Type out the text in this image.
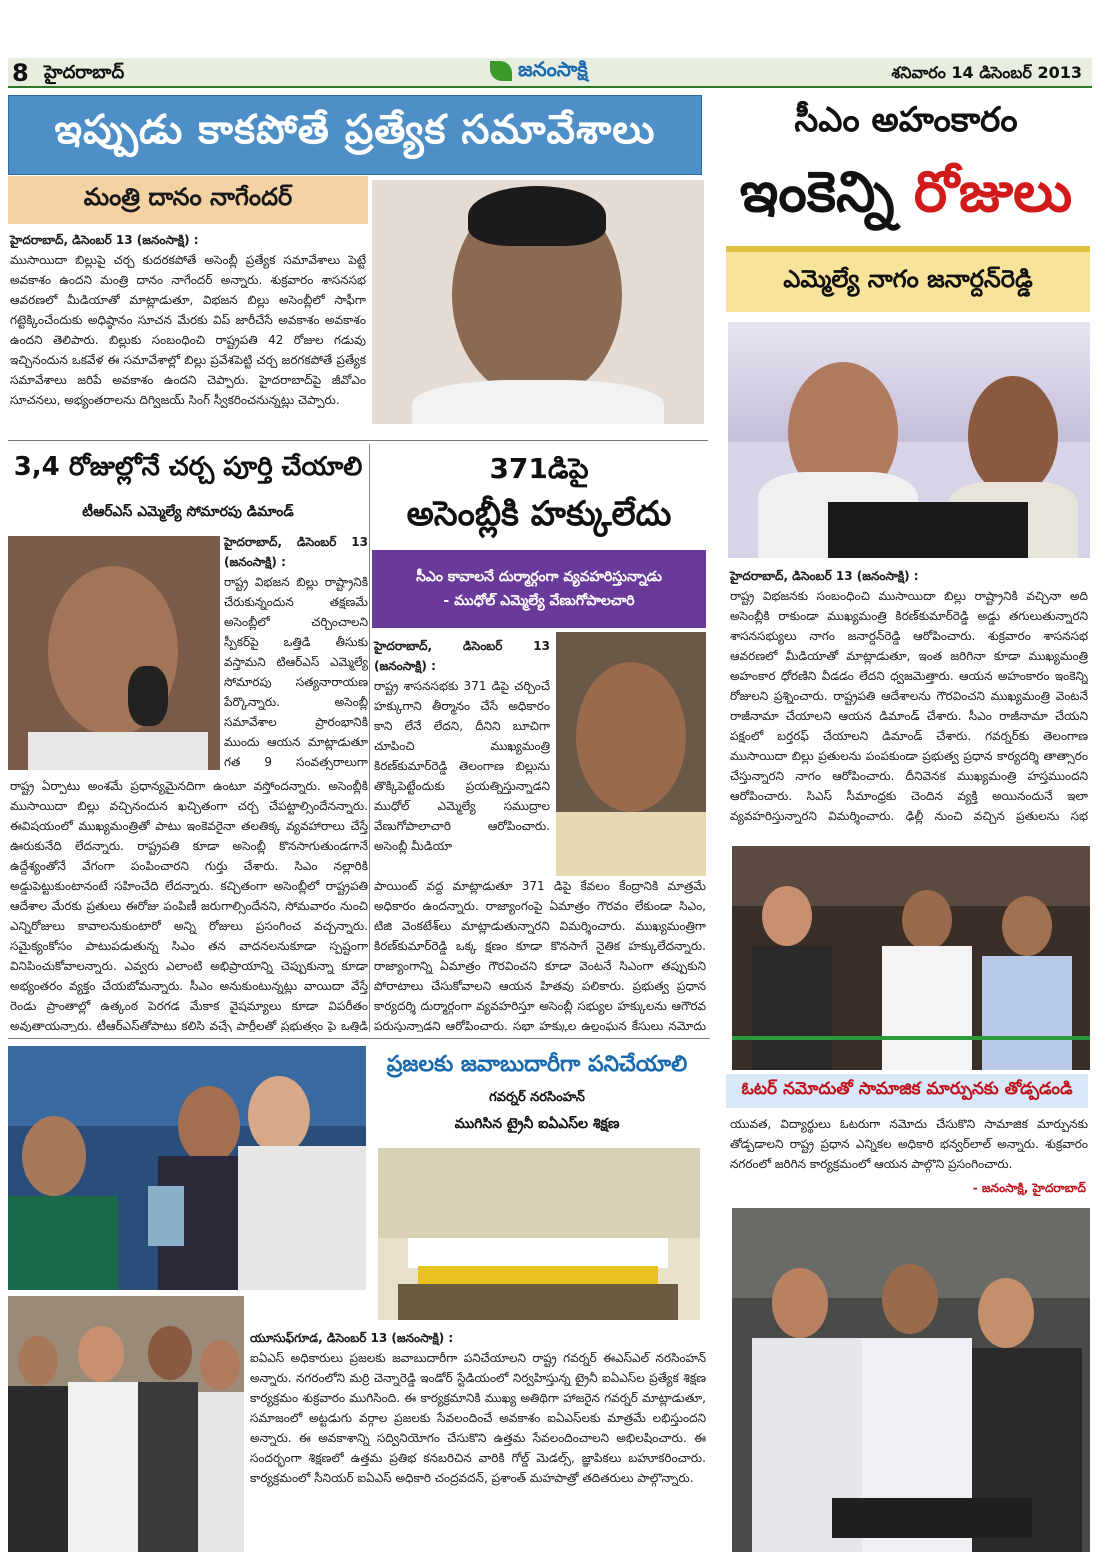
8 హైదరాబాద్	జనంసాక్షి	శనివారం 14 డిసెంబర్ 2013
ఇప్పుడు కాకపోతే ప్రత్యేక సమావేశాలు
మంత్రి దానం నాగేందర్
హైదరాబాద్, డిసెంబర్ 13 (జనంసాక్షి) :
ముసాయిదా బిల్లుపై చర్చ కుదరకపోతే అసెంబ్లీ ప్రత్యేక సమావేశాలు పెట్టే అవకాశం ఉందని మంత్రి దానం నాగేందర్ అన్నారు. శుక్రవారం శాసనసభ ఆవరణలో మీడియాతో మాట్లాడుతూ, విభజన బిల్లు అసెంబ్లీలో సాఫీగా గట్టెక్కించేందుకు అధిష్ఠానం సూచన మేరకు విప్ జారీచేసే అవకాశం అవకాశం ఉందని తెలిపారు. బిల్లుకు సంబంధించి రాష్ట్రపతి 42 రోజుల గడువు ఇచ్చినందున ఒకవేళ ఈ సమావేశాల్లో బిల్లు ప్రవేశపెట్టి చర్చ జరగకపోతే ప్రత్యేక సమావేశాలు జరిపే అవకాశం ఉందని చెప్పారు. హైదరాబాద్‌పై జీవోఎం సూచనలు, అభ్యంతరాలను దిగ్విజయ్ సింగ్ స్వీకరించనున్నట్లు చెప్పారు.
సీఎం అహంకారం
ఇంకెన్ని రోజులు
ఎమ్మెల్యే నాగం జనార్దన్‌రెడ్డి
హైదరాబాద్, డిసెంబర్ 13 (జనంసాక్షి) :
రాష్ట్ర విభజనకు సంబంధించి ముసాయిదా బిల్లు రాష్ట్రానికి వచ్చినా అది అసెంబ్లీకి రాకుండా ముఖ్యమంత్రి కిరణ్‌కుమార్‌రెడ్డి అడ్డు తగులుతున్నారని శాసనసభ్యులు నాగం జనార్దన్‌రెడ్డి ఆరోపించారు. శుక్రవారం శాసనసభ ఆవరణలో మీడియాతో మాట్లాడుతూ, ఇంత జరిగినా కూడా ముఖ్యమంత్రి అహంకార ధోరణిని వీడడం లేదని ధ్వజమెత్తారు. ఆయన అహంకారం ఇంకెన్ని రోజులని ప్రశ్నించారు. రాష్ట్రపతి ఆదేశాలను గౌరవించని ముఖ్యమంత్రి వెంటనే రాజీనామా చేయాలని ఆయన డిమాండ్ చేశారు. సీఎం రాజీనామా చేయని పక్షంలో బర్తరఫ్ చేయాలని డిమాండ్ చేశారు. గవర్నర్‌కు తెలంగాణ ముసాయిదా బిల్లు ప్రతులను పంపకుండా ప్రభుత్వ ప్రధాన కార్యదర్శి తాత్సారం చేస్తున్నారని నాగం ఆరోపించారు. దీనివెనక ముఖ్యమంత్రి హస్తముందని ఆరోపించారు. సిఎస్ సీమాంధ్రకు చెందిన వ్యక్తి అయినందునే ఇలా వ్యవహరిస్తున్నారని విమర్శించారు. ఢిల్లీ నుంచి వచ్చిన ప్రతులను సభ
3,4 రోజుల్లోనే చర్చ పూర్తి చేయాలి
టీఆర్ఎస్ ఎమ్మెల్యే సోమారపు డిమాండ్
హైదరాబాద్, డిసెంబర్ 13 (జనంసాక్షి) :
రాష్ట్ర విభజన బిల్లు రాష్ట్రానికి చేరుకున్నందున తక్షణమే అసెంబ్లీలో చర్చించాలని స్పీకర్‌పై ఒత్తిడి తీసుకు వస్తామని టిఆర్ఎస్ ఎమ్మెల్యే సోమారపు సత్యనారాయణ పేర్కొన్నారు. అసెంబ్లీ సమావేశాల ప్రారంభానికి ముందు ఆయన మాట్లాడుతూ గత 9 సంవత్సరాలుగా
రాష్ట్ర ఏర్పాటు అంశమే ప్రధాన్యమైనదిగా ఉంటూ వస్తోందన్నారు. అసెంబ్లీకి ముసాయిదా బిల్లు వచ్చినందున ఖచ్చితంగా చర్చ చేపట్టాల్సిందేనన్నారు. ఈవిషయంలో ముఖ్యమంత్రితో పాటు ఇంకెవరైనా తలతిక్క వ్యవహారాలు చేస్తే ఊరుకునేది లేదన్నారు. రాష్ట్రపతి కూడా అసెంబ్లీ కొనసాగుతుండగానే ఉద్దేశ్యంతోనే వేగంగా పంపించారని గుర్తు చేశారు. సిఎం నల్లారికి అడ్డుపెట్టుకుంటానంటే సహించేది లేదన్నారు. కచ్చితంగా అసెంబ్లీలో రాష్ట్రపతి ఆదేశాల మేరకు ప్రతులు ఈరోజు పంపిణీ జరుగాల్సిందేనని, సోమవారం నుంచి ఎన్నిరోజులు కావాలనుకుంటారో అన్ని రోజులు ప్రసంగించ వచ్చన్నారు. సమైక్యంకోసం పాటుపడుతున్న సిఎం తన వాదనలనుకూడా స్పష్టంగా వినిపించుకోవాలన్నారు. ఎవ్వరు ఎలాంటి అభిప్రాయాన్ని చెప్పుకున్నా కూడా అభ్యంతరం వ్యక్తం చేయబోమన్నారు. సీఎం అనుకుంటున్నట్లు వాయిదా వేస్తే రెండు ప్రాంతాల్లో ఉత్కంఠ పెరగడ మేకాక వైషమ్యాలు కూడా విపరీతం అవుతాయన్నారు. టీఆర్ఎస్‌తోపాటు కలిసి వచ్చే పార్టీలతో ప్రభుత్వం పై ఒత్తిడి
371డిపై
అసెంబ్లీకి హక్కులేదు
సీఎం కావాలనే దుర్మార్గంగా వ్యవహరిస్తున్నాడు
- ముధోల్ ఎమ్మెల్యే వేణుగోపాలచారి
హైదరాబాద్, డిసెంబర్ 13 (జనంసాక్షి) :
రాష్ట్ర శాసనసభకు 371 డిపై చర్చించే హక్కుగాని తీర్మానం చేసే అధికారం కాని లేనే లేదని, దీనిని బూచిగా చూపించి ముఖ్యమంత్రి కిరణ్‌కుమార్‌రెడ్డి తెలంగాణ బిల్లును తొక్కిపెట్టేందుకు ప్రయత్నిస్తున్నాడని ముధోల్ ఎమ్మెల్యే సముద్రాల వేణుగోపాలాచారి ఆరోపించారు. అసెంబ్లీ మీడియా
పాయింట్ వద్ద మాట్లాడుతూ 371 డిపై కేవలం కేంద్రానికి మాత్రమే అధికారం ఉందన్నారు. రాజ్యాంగంపై ఏమాత్రం గౌరవం లేకుండా సిఎం, టిజి వెంకటేశ్‌లు మాట్లాడుతున్నారని విమర్శించారు. ముఖ్యమంత్రిగా కిరణ్‌కుమార్‌రెడ్డి ఒక్క క్షణం కూడా కొనసాగే నైతిక హక్కులేదన్నారు. రాజ్యాంగాన్ని ఏమాత్రం గౌరవించని కూడా వెంటనే సిఎంగా తప్పుకుని పోరాటాలు చేసుకోవాలని ఆయన హితవు పలికారు. ప్రభుత్వ ప్రధాన కార్యదర్శి దుర్మార్గంగా వ్యవహరిస్తూ అసెంబ్లీ సభ్యుల హక్కులను ఆగౌరవ పరుస్తున్నాడని ఆరోపించారు. సభా హక్కుల ఉల్లంఘన కేసులు నమోదు
ఓటర్ నమోదుతో సామాజిక మార్పునకు తోడ్పడండి
యువత, విద్యార్థులు ఓటరుగా నమోదు చేసుకొని సామాజిక మార్పునకు తోడ్పడాలని రాష్ట్ర ప్రధాన ఎన్నికల అధికారి భన్వర్‌లాల్ అన్నారు. శుక్రవారం నగరంలో జరిగిన కార్యక్రమంలో ఆయన పాల్గొని ప్రసంగించారు.
- జనంసాక్షి, హైదరాబాద్
ప్రజలకు జవాబుదారీగా పనిచేయాలి
గవర్నర్ నరసింహన్
ముగిసిన ట్రైనీ ఐఏఎస్‌ల శిక్షణ
యూసుఫ్‌గూడ, డిసెంబర్ 13 (జనంసాక్షి) :
ఐఏఎస్ అధికారులు ప్రజలకు జవాబుదారీగా పనిచేయాలని రాష్ట్ర గవర్నర్ ఈఎస్‌ఎల్ నరసింహన్ అన్నారు. నగరంలోని మర్రి చెన్నారెడ్డి ఇండోర్ స్టేడియంలో నిర్వహిస్తున్న ట్రైనీ ఐఏఎస్‌ల ప్రత్యేక శిక్షణ కార్యక్రమం శుక్రవారం ముగిసింది. ఈ కార్యక్రమానికి ముఖ్య అతిథిగా హాజరైన గవర్నర్ మాట్లాడుతూ, సమాజంలో అట్టడుగు వర్గాల ప్రజలకు సేవలందించే అవకాశం ఐఏఎస్‌లకు మాత్రమే లభిస్తుందని అన్నారు. ఈ అవకాశాన్ని సద్వినియోగం చేసుకొని ఉత్తమ సేవలందించాలని అభిలషించారు. ఈ సందర్భంగా శిక్షణలో ఉత్తమ ప్రతిభ కనబరిచిన వారికి గోల్డ్ మెడల్స్, జ్ఞాపికలు బహూకరించారు. కార్యక్రమంలో సీనియర్ ఐఏఎస్ అధికారి చంద్రవదన్, ప్రశాంత్ మహపాత్రో తదితరులు పాల్గొన్నారు.
